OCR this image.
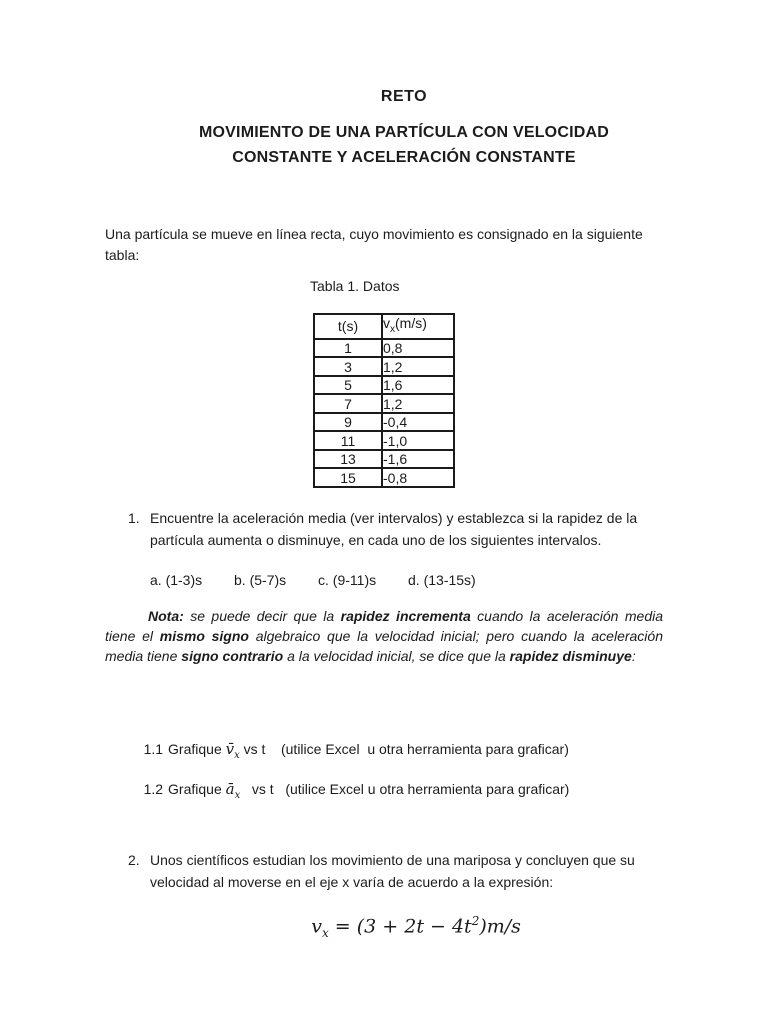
RETO
MOVIMIENTO DE UNA PARTÍCULA CON VELOCIDAD
CONSTANTE Y ACELERACIÓN CONSTANTE
Una partícula se mueve en línea recta, cuyo movimiento es consignado en la siguiente tabla:
Tabla 1. Datos
t(s)	$v_x(m/s)$
1	0,8
3	1,2
5	1,6
7	1,2
9	-0,4
11	-1,0
13	-1,6
15	-0,8
1. Encuentre la aceleración media (ver intervalos) y establezca si la rapidez de la partícula aumenta o disminuye, en cada uno de los siguientes intervalos.
a. (1-3)s b. (5-7)s c. (9-11)s d. (13-15s)
Nota: se puede decir que la rapidez incrementa cuando la aceleración media tiene el mismo signo algebraico que la velocidad inicial; pero cuando la aceleración media tiene signo contrario a la velocidad inicial, se dice que la rapidez disminuye:

1.1 Grafique $v̄_x$ vs t    (utilice Excel  u otra herramienta para graficar)

1.2 Grafique $ā_x$   vs t   (utilice Excel u otra herramienta para graficar)

2. Unos científicos estudian los movimiento de una mariposa y concluyen que su velocidad al moverse en el eje x varía de acuerdo a la expresión:

$v_x = (3 + 2t - 4t^2)m/s$
